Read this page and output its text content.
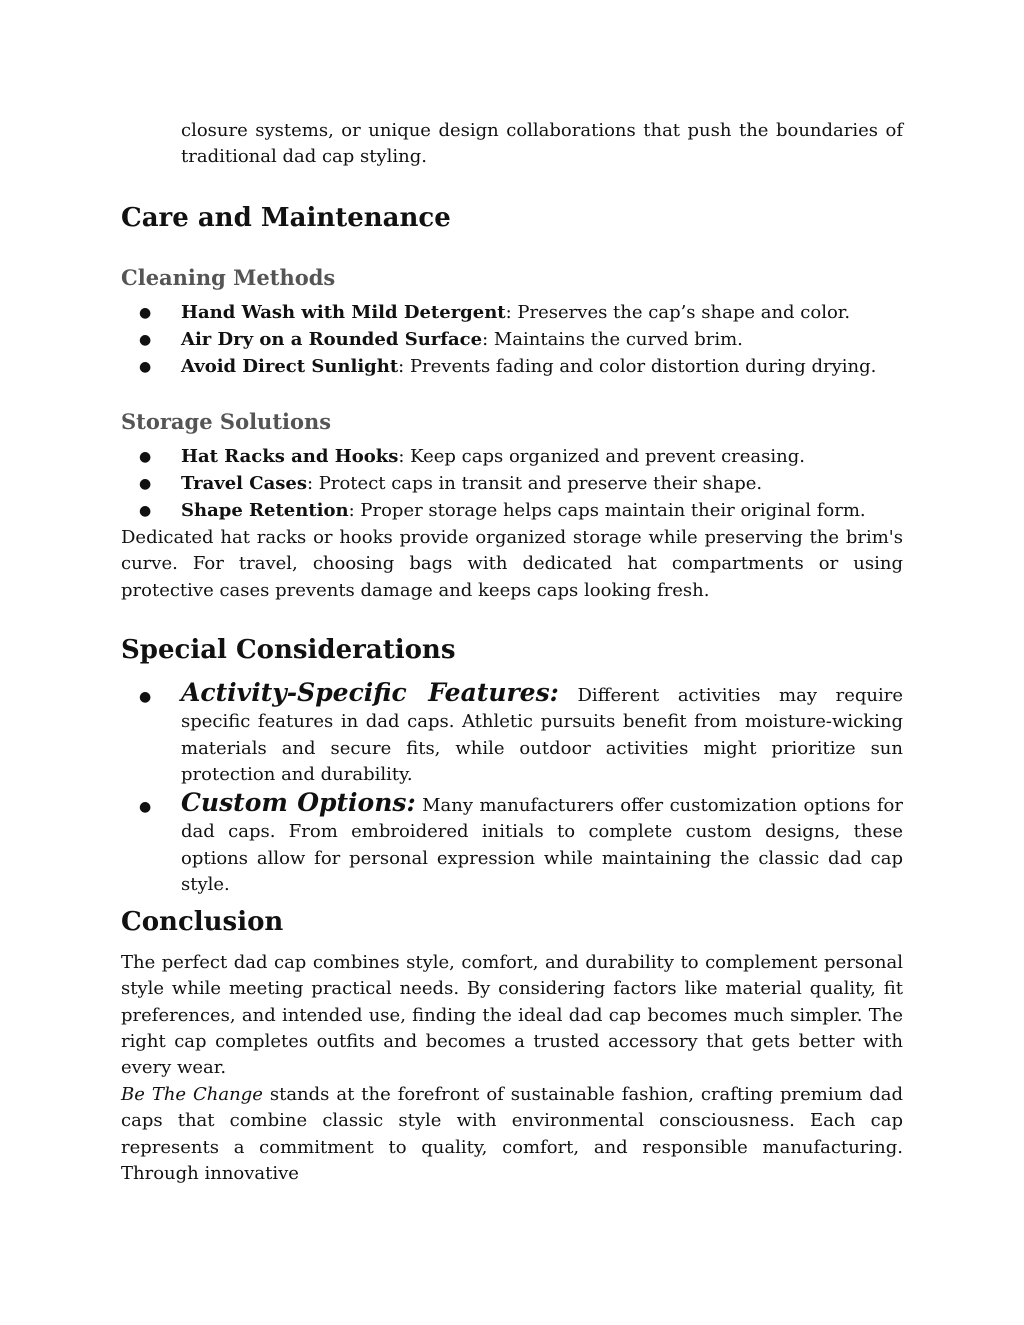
closure systems, or unique design collaborations that push the boundaries of traditional dad cap styling.

Care and Maintenance
Cleaning Methods
● Hand Wash with Mild Detergent: Preserves the cap’s shape and color.
● Air Dry on a Rounded Surface: Maintains the curved brim.
● Avoid Direct Sunlight: Prevents fading and color distortion during drying.
Storage Solutions
● Hat Racks and Hooks: Keep caps organized and prevent creasing.
● Travel Cases: Protect caps in transit and preserve their shape.
● Shape Retention: Proper storage helps caps maintain their original form.

Dedicated hat racks or hooks provide organized storage while preserving the brim's curve. For travel, choosing bags with dedicated hat compartments or using protective cases prevents damage and keeps caps looking fresh.

Special Considerations
● Activity-Specific Features: Different activities may require specific features in dad caps. Athletic pursuits benefit from moisture-wicking materials and secure fits, while outdoor activities might prioritize sun protection and durability.
● Custom Options: Many manufacturers offer customization options for dad caps. From embroidered initials to complete custom designs, these options allow for personal expression while maintaining the classic dad cap style.
Conclusion

The perfect dad cap combines style, comfort, and durability to complement personal style while meeting practical needs. By considering factors like material quality, fit preferences, and intended use, finding the ideal dad cap becomes much simpler. The right cap completes outfits and becomes a trusted accessory that gets better with every wear.

Be The Change stands at the forefront of sustainable fashion, crafting premium dad caps that combine classic style with environmental consciousness. Each cap represents a commitment to quality, comfort, and responsible manufacturing. Through innovative
